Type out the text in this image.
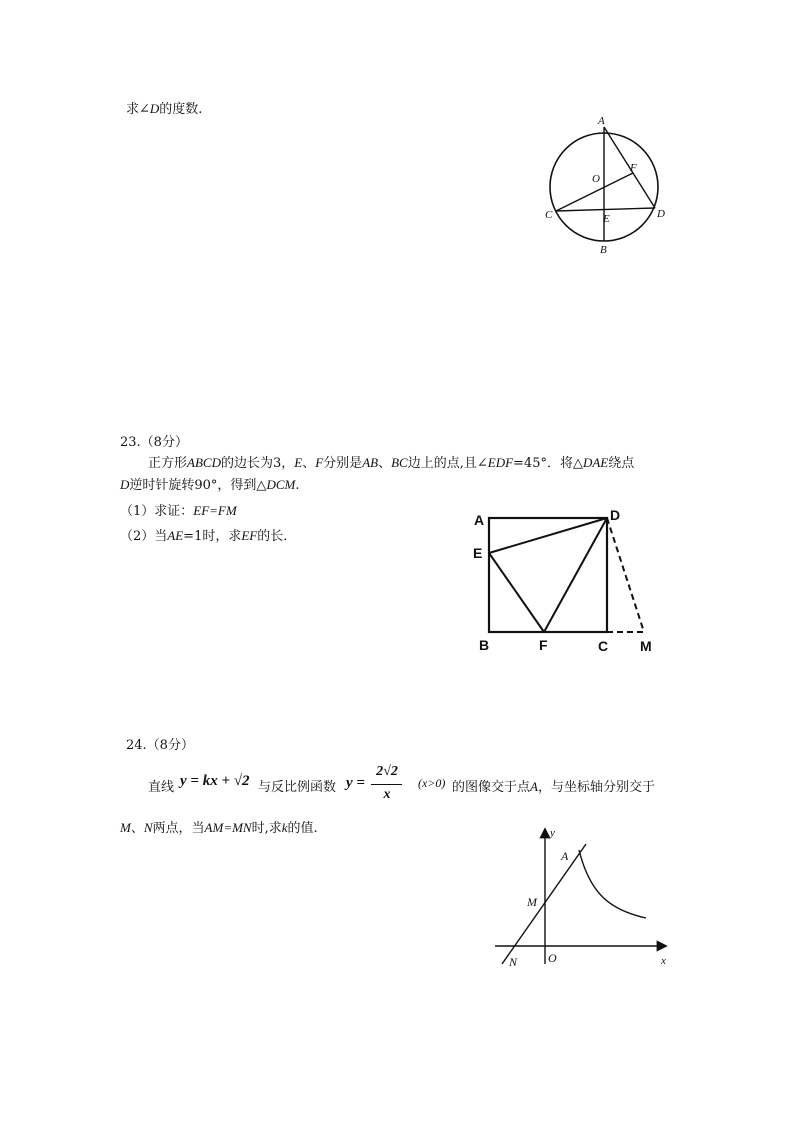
求∠D的度数.
A
O
F
C	E	D
B
23.（8分）
正方形ABCD的边长为3，E、F分别是AB、BC边上的点,且∠EDF=45°．将△DAE绕点
D逆时针旋转90°，得到△DCM.
（1）求证：EF=FM
（2）当AE=1时，求EF的长．
A	D
E
B	F	C M
24.（8分）
直线 y = kx + √2 与反比例函数 y =
2√2
x
(x>0) 的图像交于点A，与坐标轴分别交于
M、N两点，当AM=MN时,求k的值.	y
A
M
N	O	x
